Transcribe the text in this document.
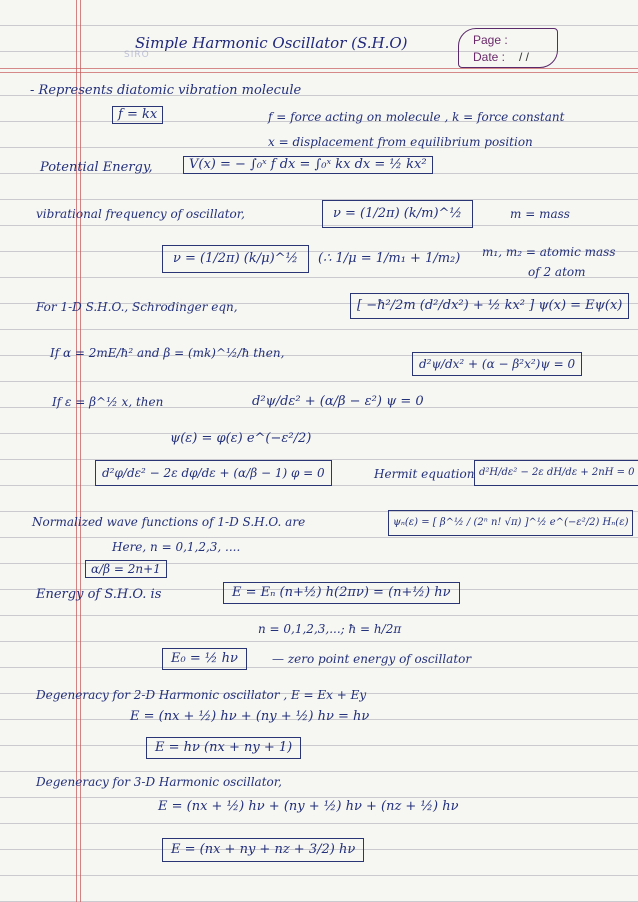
SIRO
Simple Harmonic Oscillator (S.H.O)	Page :
Date : / /
- Represents diatomic vibration molecule
f = kx	f = force acting on molecule , k = force constant
x = displacement from equilibrium position
Potential Energy,	V(x) = − ∫₀ˣ f dx = ∫₀ˣ kx dx = ½ kx²
vibrational frequency of oscillator,	ν = (1/2π) (k/m)^½	m = mass
ν = (1/2π) (k/μ)^½	(∴ 1/μ = 1/m₁ + 1/m₂) m₁, m₂ = atomic mass
of 2 atom
For 1-D S.H.O., Schrodinger eqn,	[ −ħ²/2m (d²/dx²) + ½ kx² ] ψ(x) = Eψ(x)
If α = 2mE/ħ² and β = (mk)^½/ħ then,
d²ψ/dx² + (α − β²x²)ψ = 0
If ε = β^½ x, then	d²ψ/dε² + (α/β − ε²) ψ = 0
ψ(ε) = φ(ε) e^(−ε²/2)
d²φ/dε² − 2ε dφ/dε + (α/β − 1) φ = 0	Hermit equation d²H/dε² − 2ε dH/dε + 2nH = 0
Normalized wave functions of 1-D S.H.O. are	ψₙ(ε) = [ β^½ / (2ⁿ n! √π) ]^½ e^(−ε²/2) Hₙ(ε)
Here, n = 0,1,2,3, ....
α/β = 2n+1
Energy of S.H.O. is	E = Eₙ (n+½) h(2πν) = (n+½) hν
n = 0,1,2,3,...; ħ = h/2π
E₀ = ½ hν	— zero point energy of oscillator
Degeneracy for 2-D Harmonic oscillator , E = Ex + Ey
E = (nx + ½) hν + (ny + ½) hν = hν
E = hν (nx + ny + 1)
Degeneracy for 3-D Harmonic oscillator,
E = (nx + ½) hν + (ny + ½) hν + (nz + ½) hν
E = (nx + ny + nz + 3/2) hν
